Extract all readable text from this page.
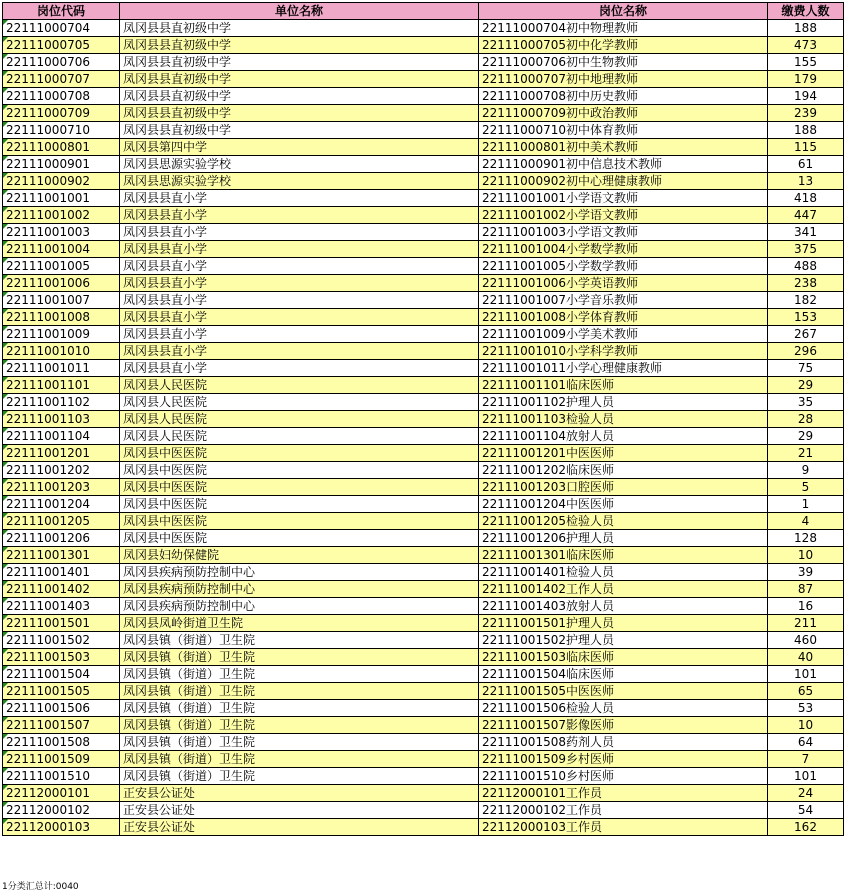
岗位代码	单位名称	岗位名称	缴费人数
22111000704	凤冈县县直初级中学	22111000704初中物理教师	188
22111000705	凤冈县县直初级中学	22111000705初中化学教师	473
22111000706	凤冈县县直初级中学	22111000706初中生物教师	155
22111000707	凤冈县县直初级中学	22111000707初中地理教师	179
22111000708	凤冈县县直初级中学	22111000708初中历史教师	194
22111000709	凤冈县县直初级中学	22111000709初中政治教师	239
22111000710	凤冈县县直初级中学	22111000710初中体育教师	188
22111000801	凤冈县第四中学	22111000801初中美术教师	115
22111000901	凤冈县思源实验学校	22111000901初中信息技术教师	61
22111000902	凤冈县思源实验学校	22111000902初中心理健康教师	13
22111001001	凤冈县县直小学	22111001001小学语文教师	418
22111001002	凤冈县县直小学	22111001002小学语文教师	447
22111001003	凤冈县县直小学	22111001003小学语文教师	341
22111001004	凤冈县县直小学	22111001004小学数学教师	375
22111001005	凤冈县县直小学	22111001005小学数学教师	488
22111001006	凤冈县县直小学	22111001006小学英语教师	238
22111001007	凤冈县县直小学	22111001007小学音乐教师	182
22111001008	凤冈县县直小学	22111001008小学体育教师	153
22111001009	凤冈县县直小学	22111001009小学美术教师	267
22111001010	凤冈县县直小学	22111001010小学科学教师	296
22111001011	凤冈县县直小学	22111001011小学心理健康教师	75
22111001101	凤冈县人民医院	22111001101临床医师	29
22111001102	凤冈县人民医院	22111001102护理人员	35
22111001103	凤冈县人民医院	22111001103检验人员	28
22111001104	凤冈县人民医院	22111001104放射人员	29
22111001201	凤冈县中医医院	22111001201中医医师	21
22111001202	凤冈县中医医院	22111001202临床医师	9
22111001203	凤冈县中医医院	22111001203口腔医师	5
22111001204	凤冈县中医医院	22111001204中医医师	1
22111001205	凤冈县中医医院	22111001205检验人员	4
22111001206	凤冈县中医医院	22111001206护理人员	128
22111001301	凤冈县妇幼保健院	22111001301临床医师	10
22111001401	凤冈县疾病预防控制中心	22111001401检验人员	39
22111001402	凤冈县疾病预防控制中心	22111001402工作人员	87
22111001403	凤冈县疾病预防控制中心	22111001403放射人员	16
22111001501	凤冈县凤岭街道卫生院	22111001501护理人员	211
22111001502	凤冈县镇（街道）卫生院	22111001502护理人员	460
22111001503	凤冈县镇（街道）卫生院	22111001503临床医师	40
22111001504	凤冈县镇（街道）卫生院	22111001504临床医师	101
22111001505	凤冈县镇（街道）卫生院	22111001505中医医师	65
22111001506	凤冈县镇（街道）卫生院	22111001506检验人员	53
22111001507	凤冈县镇（街道）卫生院	22111001507影像医师	10
22111001508	凤冈县镇（街道）卫生院	22111001508药剂人员	64
22111001509	凤冈县镇（街道）卫生院	22111001509乡村医师	7
22111001510	凤冈县镇（街道）卫生院	22111001510乡村医师	101
22112000101	正安县公证处	22112000101工作员	24
22112000102	正安县公证处	22112000102工作员	54
22112000103	正安县公证处	22112000103工作员	162
1分类汇总计:0040
